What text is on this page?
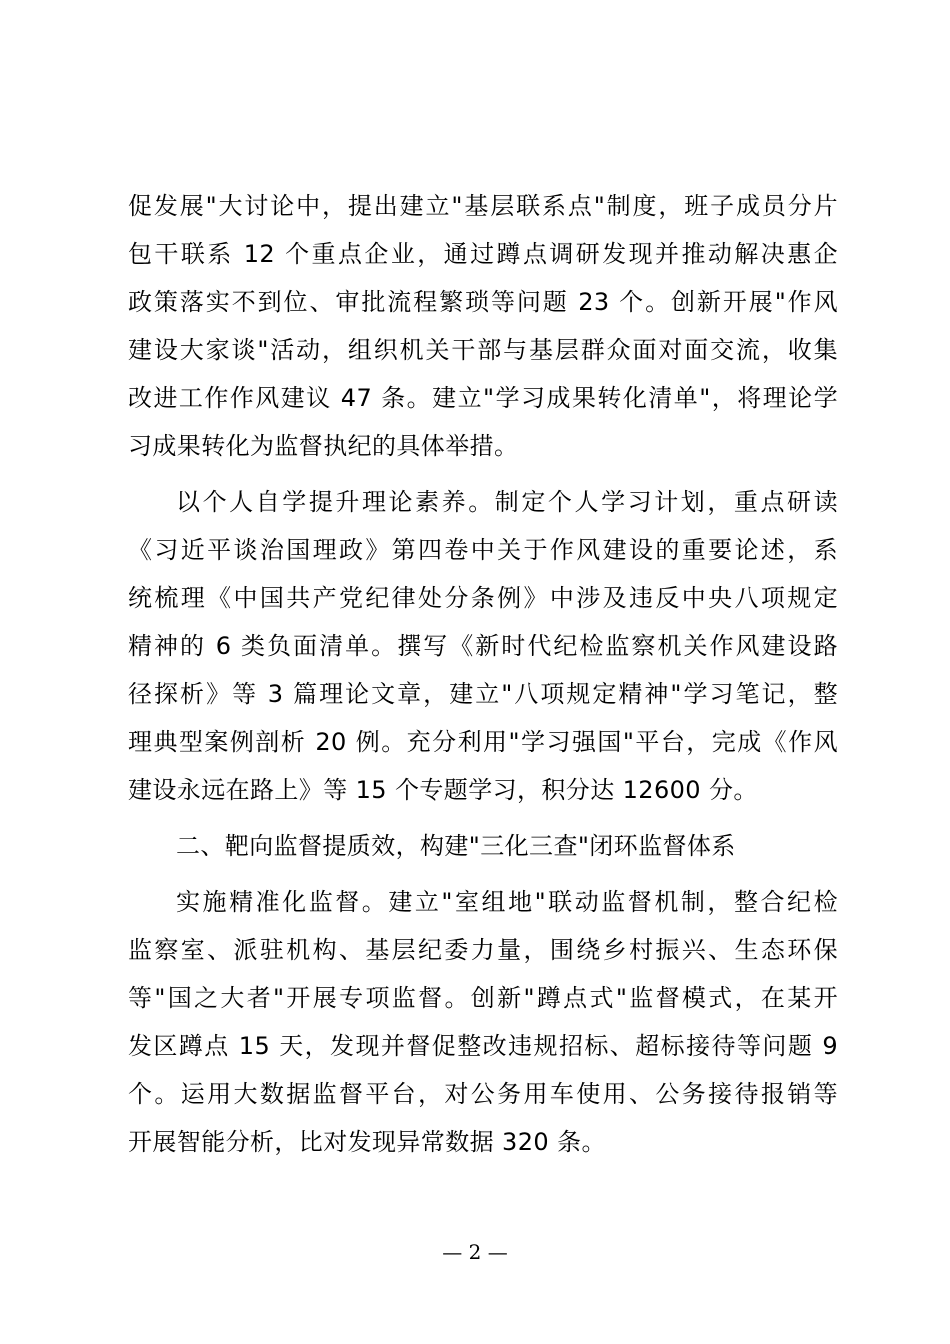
促发展"大讨论中，提出建立"基层联系点"制度，班子成员分片
包干联系 12 个重点企业，通过蹲点调研发现并推动解决惠企
政策落实不到位、审批流程繁琐等问题 23 个。创新开展"作风
建设大家谈"活动，组织机关干部与基层群众面对面交流，收集
改进工作作风建议 47 条。建立"学习成果转化清单"，将理论学
习成果转化为监督执纪的具体举措。
以个人自学提升理论素养。制定个人学习计划，重点研读
《习近平谈治国理政》第四卷中关于作风建设的重要论述，系
统梳理《中国共产党纪律处分条例》中涉及违反中央八项规定
精神的 6 类负面清单。撰写《新时代纪检监察机关作风建设路
径探析》等 3 篇理论文章，建立"八项规定精神"学习笔记，整
理典型案例剖析 20 例。充分利用"学习强国"平台，完成《作风
建设永远在路上》等 15 个专题学习，积分达 12600 分。
二、靶向监督提质效，构建"三化三查"闭环监督体系
实施精准化监督。建立"室组地"联动监督机制，整合纪检
监察室、派驻机构、基层纪委力量，围绕乡村振兴、生态环保
等"国之大者"开展专项监督。创新"蹲点式"监督模式，在某开
发区蹲点 15 天，发现并督促整改违规招标、超标接待等问题 9
个。运用大数据监督平台，对公务用车使用、公务接待报销等
开展智能分析，比对发现异常数据 320 条。
— 2 —
